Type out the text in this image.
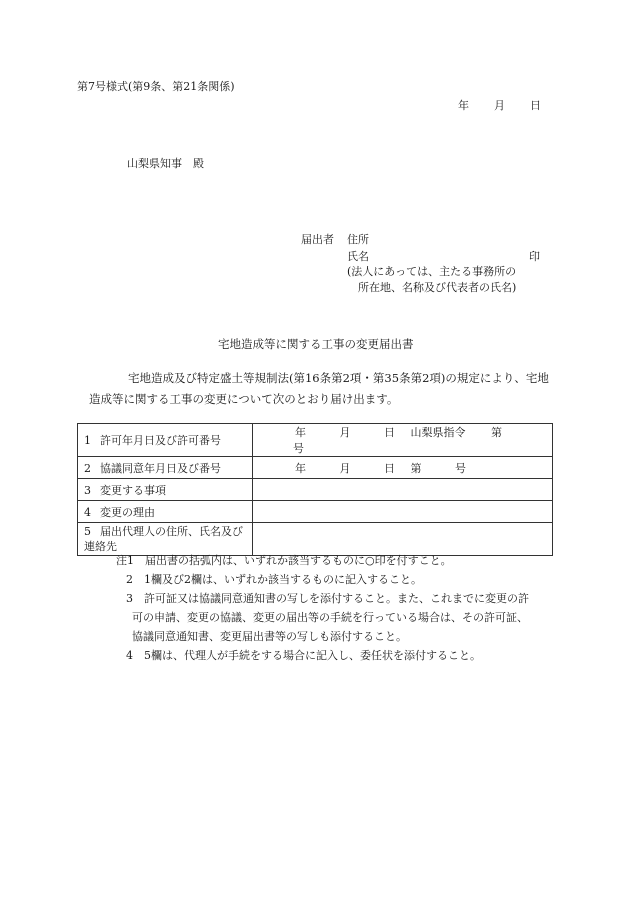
第7号様式(第9条、第21条関係)
年 月 日
山梨県知事　殿
届出者 住所
氏名	印
(法人にあっては、主たる事務所の
所在地、名称及び代表者の氏名)
宅地造成等に関する工事の変更届出書
宅地造成及び特定盛土等規制法(第16条第2項・第35条第2項)の規定により、宅地
造成等に関する工事の変更について次のとおり届け出ます。
1 許可年月日及び許可番号	年 月 日 山梨県指令 第 号
2 協議同意年月日及び番号	年 月 日 第 号
3 変更する事項	
4 変更の理由	
5 届出代理人の住所、氏名及び連絡先	
注1　届出書の括弧内は、いずれか該当するものに○印を付すこと。
2　1欄及び2欄は、いずれか該当するものに記入すること。
3　許可証又は協議同意通知書の写しを添付すること。また、これまでに変更の許
可の申請、変更の協議、変更の届出等の手続を行っている場合は、その許可証、
協議同意通知書、変更届出書等の写しも添付すること。
4　5欄は、代理人が手続をする場合に記入し、委任状を添付すること。
